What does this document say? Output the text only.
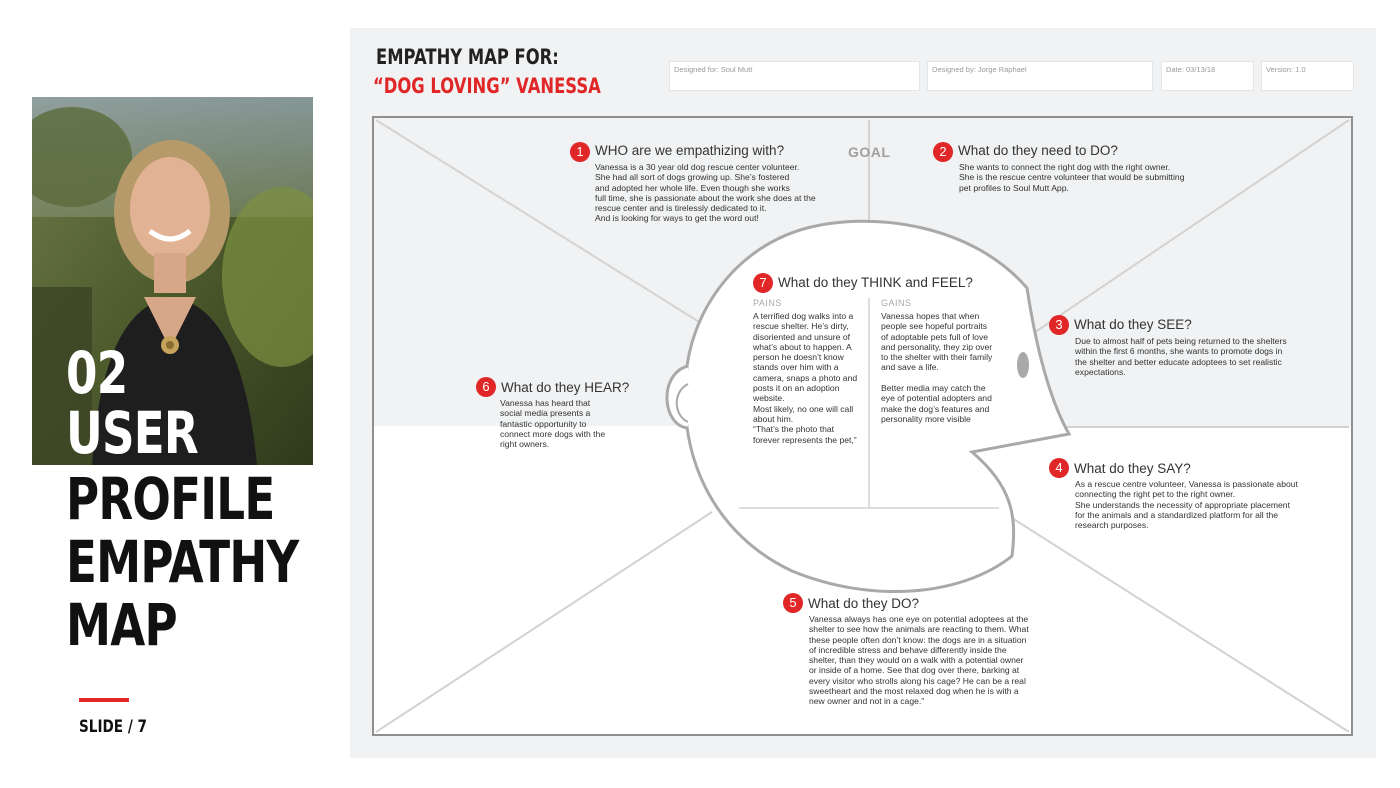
02
USER
PROFILE
EMPATHY
MAP
SLIDE / 7
EMPATHY MAP FOR:
“DOG LOVING” VANESSA
Designed for: Soul Mutt	Designed by: Jorge Raphael	Date: 03/13/18	Version: 1.0
GOAL
1 WHO are we empathizing with?
Vanessa is a 30 year old dog rescue center volunteer.
She had all sort of dogs growing up. She’s fostered
and adopted her whole life. Even though she works
full time, she is passionate about the work she does at the
rescue center and is tirelessly dedicated to it.
And is looking for ways to get the word out!
2 What do they need to DO?
She wants to connect the right dog with the right owner.
She is the rescue centre volunteer that would be submitting
pet profiles to Soul Mutt App.
3 What do they SEE?
Due to almost half of pets being returned to the shelters
within the first 6 months, she wants to promote dogs in
the shelter and better educate adoptees to set realistic
expectations.
4 What do they SAY?
As a rescue centre volunteer, Vanessa is passionate about
connecting the right pet to the right owner.
She understands the necessity of appropriate placement
for the animals and a standardized platform for all the
research purposes.
5 What do they DO?
Vanessa always has one eye on potential adoptees at the
shelter to see how the animals are reacting to them. What
these people often don’t know: the dogs are in a situation
of incredible stress and behave differently inside the
shelter, than they would on a walk with a potential owner
or inside of a home. See that dog over there, barking at
every visitor who strolls along his cage? He can be a real
sweetheart and the most relaxed dog when he is with a
new owner and not in a cage.”
6 What do they HEAR?
Vanessa has heard that
social media presents a
fantastic opportunity to
connect more dogs with the
right owners.
7 What do they THINK and FEEL?
PAINS	GAINS
A terrified dog walks into a
rescue shelter. He’s dirty,
disoriented and unsure of
what’s about to happen. A
person he doesn’t know
stands over him with a
camera, snaps a photo and
posts it on an adoption
website.
Most likely, no one will call
about him.
“That’s the photo that
forever represents the pet,”
Vanessa hopes that when
people see hopeful portraits
of adoptable pets full of love
and personality, they zip over
to the shelter with their family
and save a life.
Better media may catch the
eye of potential adopters and
make the dog’s features and
personality more visible
